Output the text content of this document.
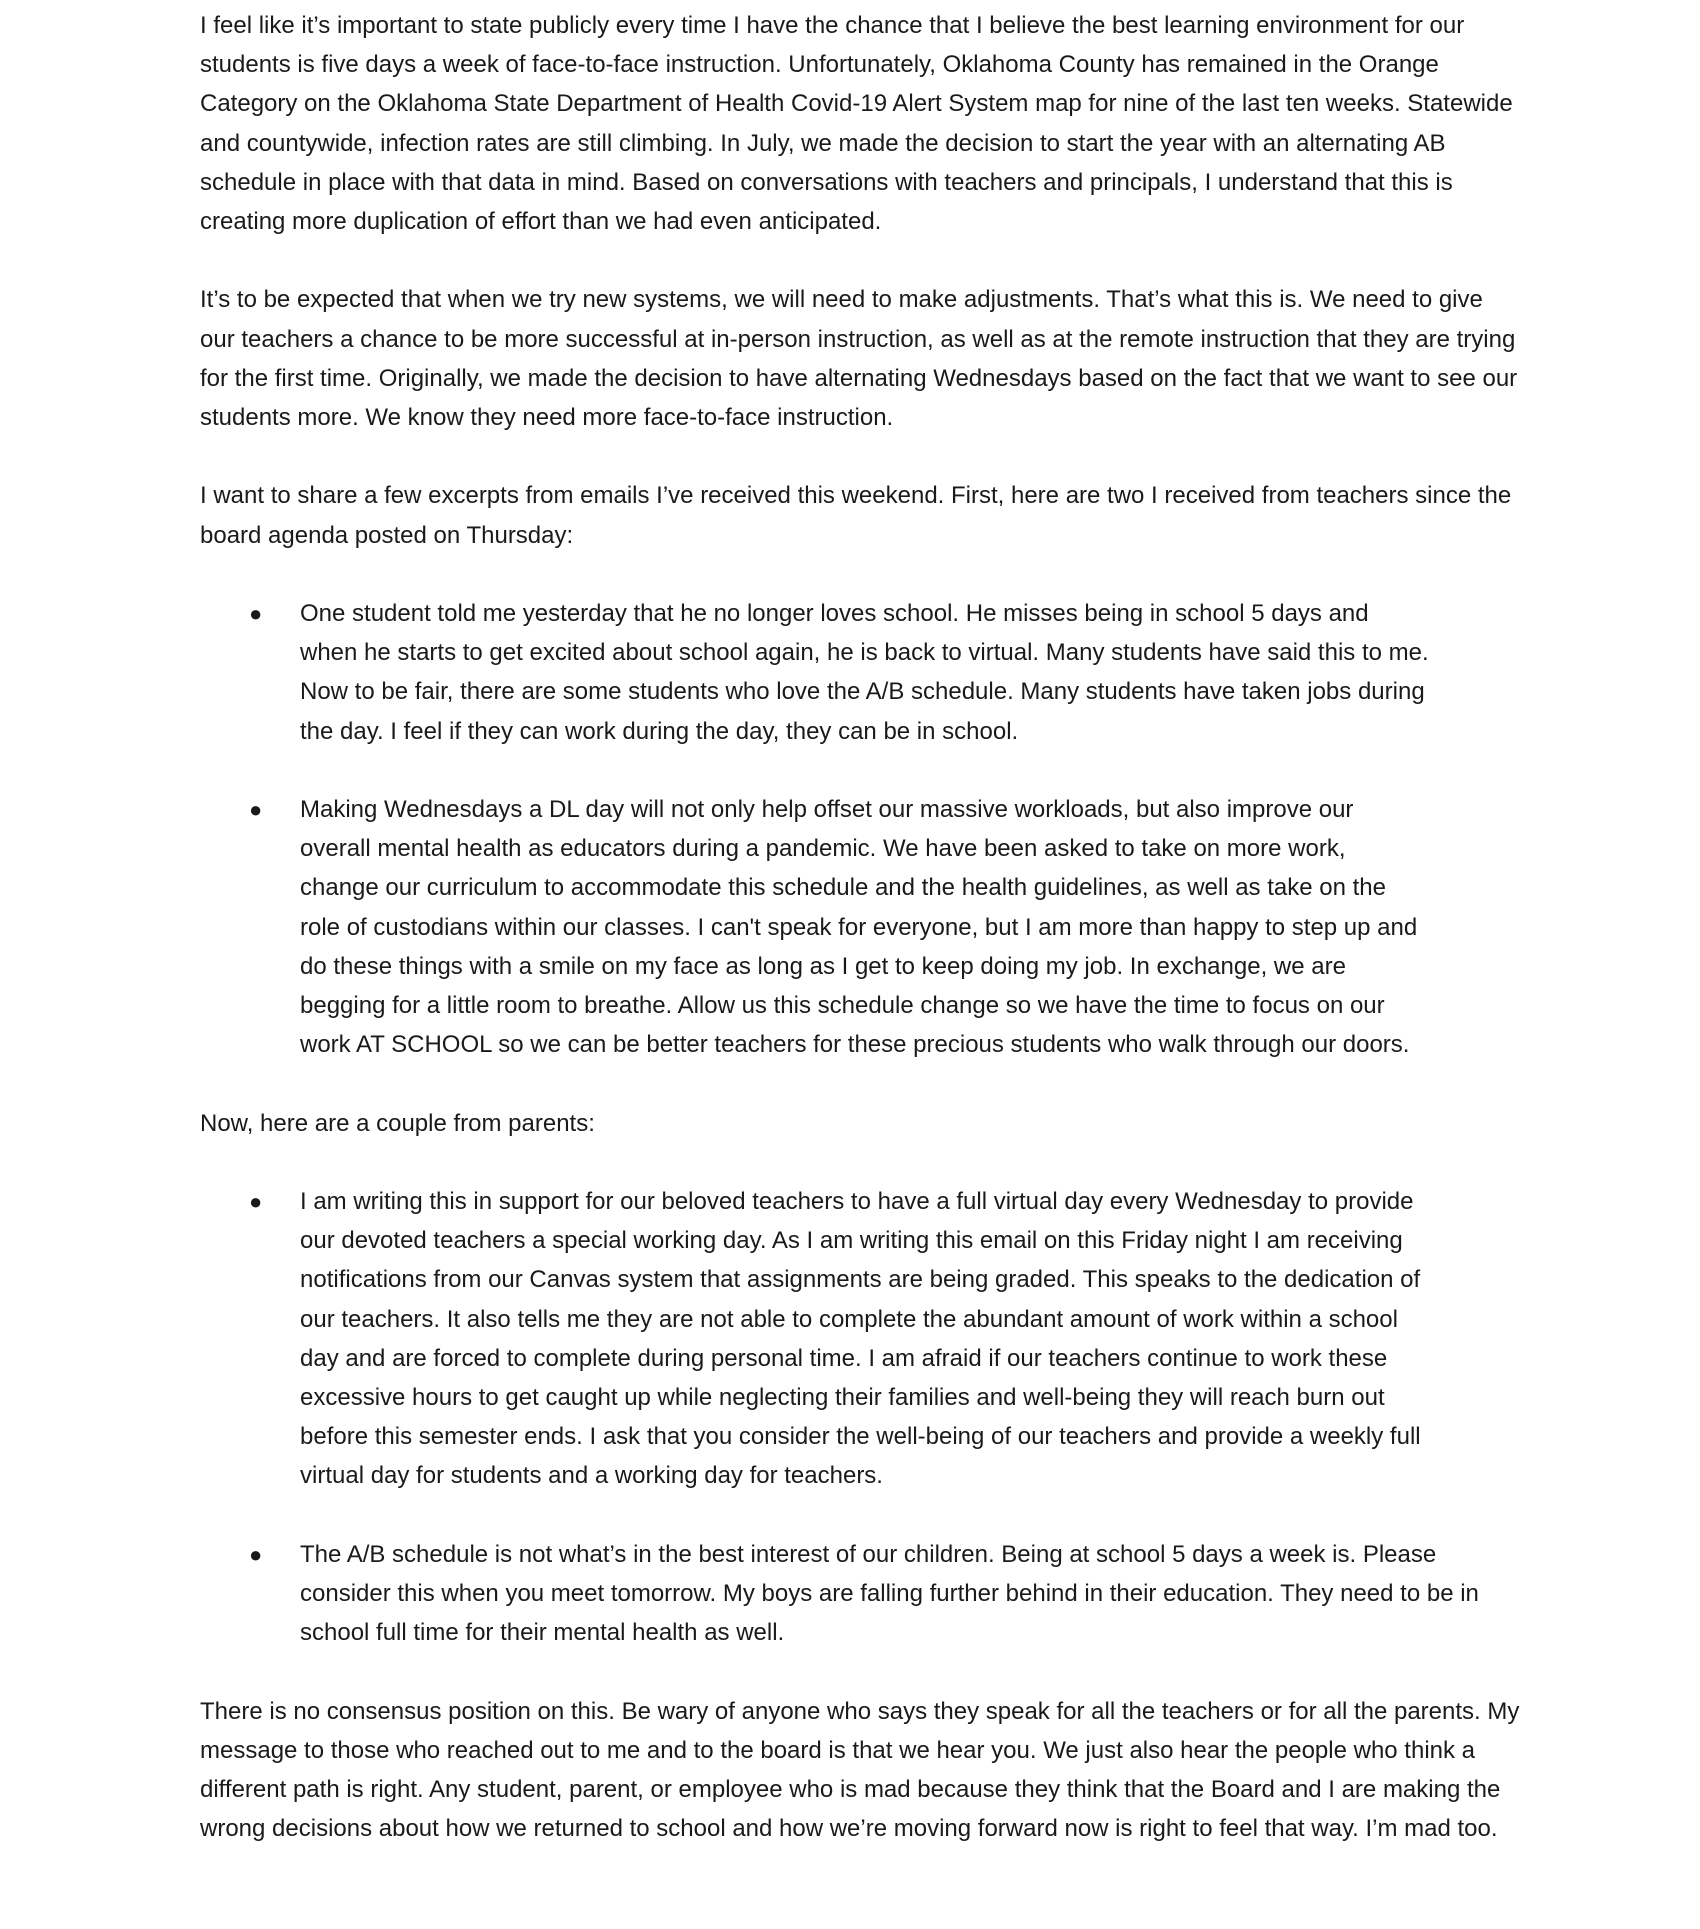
I feel like it’s important to state publicly every time I have the chance that I believe the best learning environment for our students is five days a week of face-to-face instruction. Unfortunately, Oklahoma County has remained in the Orange Category on the Oklahoma State Department of Health Covid-19 Alert System map for nine of the last ten weeks. Statewide and countywide, infection rates are still climbing. In July, we made the decision to start the year with an alternating AB schedule in place with that data in mind. Based on conversations with teachers and principals, I understand that this is creating more duplication of effort than we had even anticipated.

It’s to be expected that when we try new systems, we will need to make adjustments. That’s what this is. We need to give our teachers a chance to be more successful at in-person instruction, as well as at the remote instruction that they are trying for the first time. Originally, we made the decision to have alternating Wednesdays based on the fact that we want to see our students more. We know they need more face-to-face instruction.

I want to share a few excerpts from emails I’ve received this weekend. First, here are two I received from teachers since the board agenda posted on Thursday:

● One student told me yesterday that he no longer loves school. He misses being in school 5 days and when he starts to get excited about school again, he is back to virtual. Many students have said this to me. Now to be fair, there are some students who love the A/B schedule. Many students have taken jobs during the day. I feel if they can work during the day, they can be in school.
● Making Wednesdays a DL day will not only help offset our massive workloads, but also improve our overall mental health as educators during a pandemic. We have been asked to take on more work, change our curriculum to accommodate this schedule and the health guidelines, as well as take on the role of custodians within our classes. I can't speak for everyone, but I am more than happy to step up and do these things with a smile on my face as long as I get to keep doing my job. In exchange, we are begging for a little room to breathe. Allow us this schedule change so we have the time to focus on our work AT SCHOOL so we can be better teachers for these precious students who walk through our doors.

Now, here are a couple from parents:

● I am writing this in support for our beloved teachers to have a full virtual day every Wednesday to provide our devoted teachers a special working day. As I am writing this email on this Friday night I am receiving notifications from our Canvas system that assignments are being graded. This speaks to the dedication of our teachers. It also tells me they are not able to complete the abundant amount of work within a school day and are forced to complete during personal time. I am afraid if our teachers continue to work these excessive hours to get caught up while neglecting their families and well-being they will reach burn out before this semester ends. I ask that you consider the well-being of our teachers and provide a weekly full virtual day for students and a working day for teachers.
● The A/B schedule is not what’s in the best interest of our children. Being at school 5 days a week is. Please consider this when you meet tomorrow. My boys are falling further behind in their education. They need to be in school full time for their mental health as well.

There is no consensus position on this. Be wary of anyone who says they speak for all the teachers or for all the parents. My message to those who reached out to me and to the board is that we hear you. We just also hear the people who think a different path is right. Any student, parent, or employee who is mad because they think that the Board and I are making the wrong decisions about how we returned to school and how we’re moving forward now is right to feel that way. I’m mad too.
